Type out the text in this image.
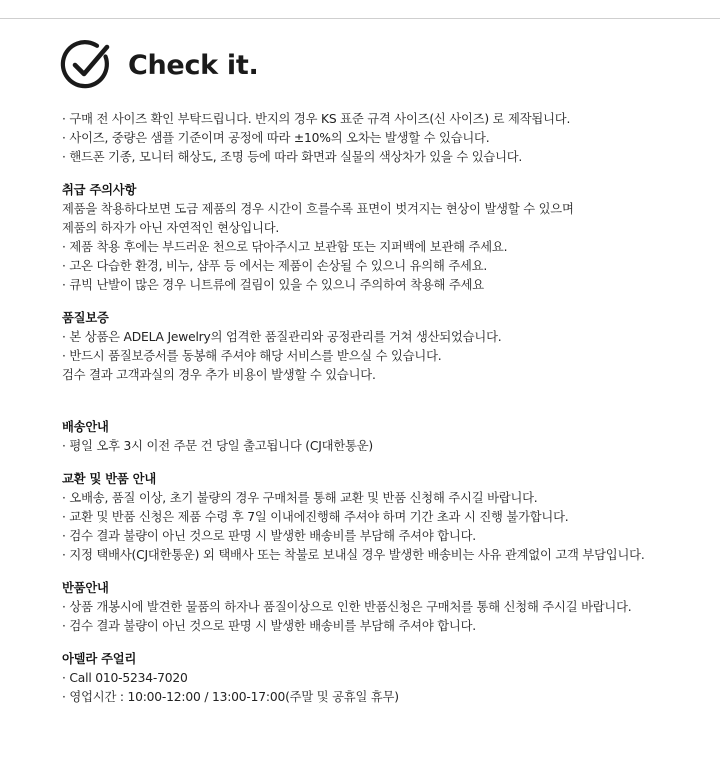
Check it.
· 구매 전 사이즈 확인 부탁드립니다. 반지의 경우 KS 표준 규격 사이즈(신 사이즈) 로 제작됩니다.
· 사이즈, 중량은 샘플 기준이며 공정에 따라 ±10%의 오차는 발생할 수 있습니다.
· 핸드폰 기종, 모니터 해상도, 조명 등에 따라 화면과 실물의 색상차가 있을 수 있습니다.
취급 주의사항
제품을 착용하다보면 도금 제품의 경우 시간이 흐를수록 표면이 벗겨지는 현상이 발생할 수 있으며
제품의 하자가 아닌 자연적인 현상입니다.
· 제품 착용 후에는 부드러운 천으로 닦아주시고 보관함 또는 지퍼백에 보관해 주세요.
· 고온 다습한 환경, 비누, 샴푸 등 에서는 제품이 손상될 수 있으니 유의해 주세요.
· 큐빅 난발이 많은 경우 니트류에 걸림이 있을 수 있으니 주의하여 착용해 주세요
품질보증
· 본 상품은 ADELA Jewelry의 엄격한 품질관리와 공정관리를 거쳐 생산되었습니다.
· 반드시 품질보증서를 동봉해 주셔야 해당 서비스를 받으실 수 있습니다.
검수 결과 고객과실의 경우 추가 비용이 발생할 수 있습니다.
배송안내
· 평일 오후 3시 이전 주문 건 당일 출고됩니다 (CJ대한통운)
교환 및 반품 안내
· 오배송, 품질 이상, 초기 불량의 경우 구매처를 통해 교환 및 반품 신청해 주시길 바랍니다.
· 교환 및 반품 신청은 제품 수령 후 7일 이내에진행해 주셔야 하며 기간 초과 시 진행 불가합니다.
· 검수 결과 불량이 아닌 것으로 판명 시 발생한 배송비를 부담해 주셔야 합니다.
· 지정 택배사(CJ대한통운) 외 택배사 또는 착불로 보내실 경우 발생한 배송비는 사유 관계없이 고객 부담입니다.
반품안내
· 상품 개봉시에 발견한 물품의 하자나 품질이상으로 인한 반품신청은 구매처를 통해 신청해 주시길 바랍니다.
· 검수 결과 불량이 아닌 것으로 판명 시 발생한 배송비를 부담해 주셔야 합니다.
아델라 주얼리
· Call 010-5234-7020
· 영업시간 : 10:00-12:00 / 13:00-17:00(주말 및 공휴일 휴무)
